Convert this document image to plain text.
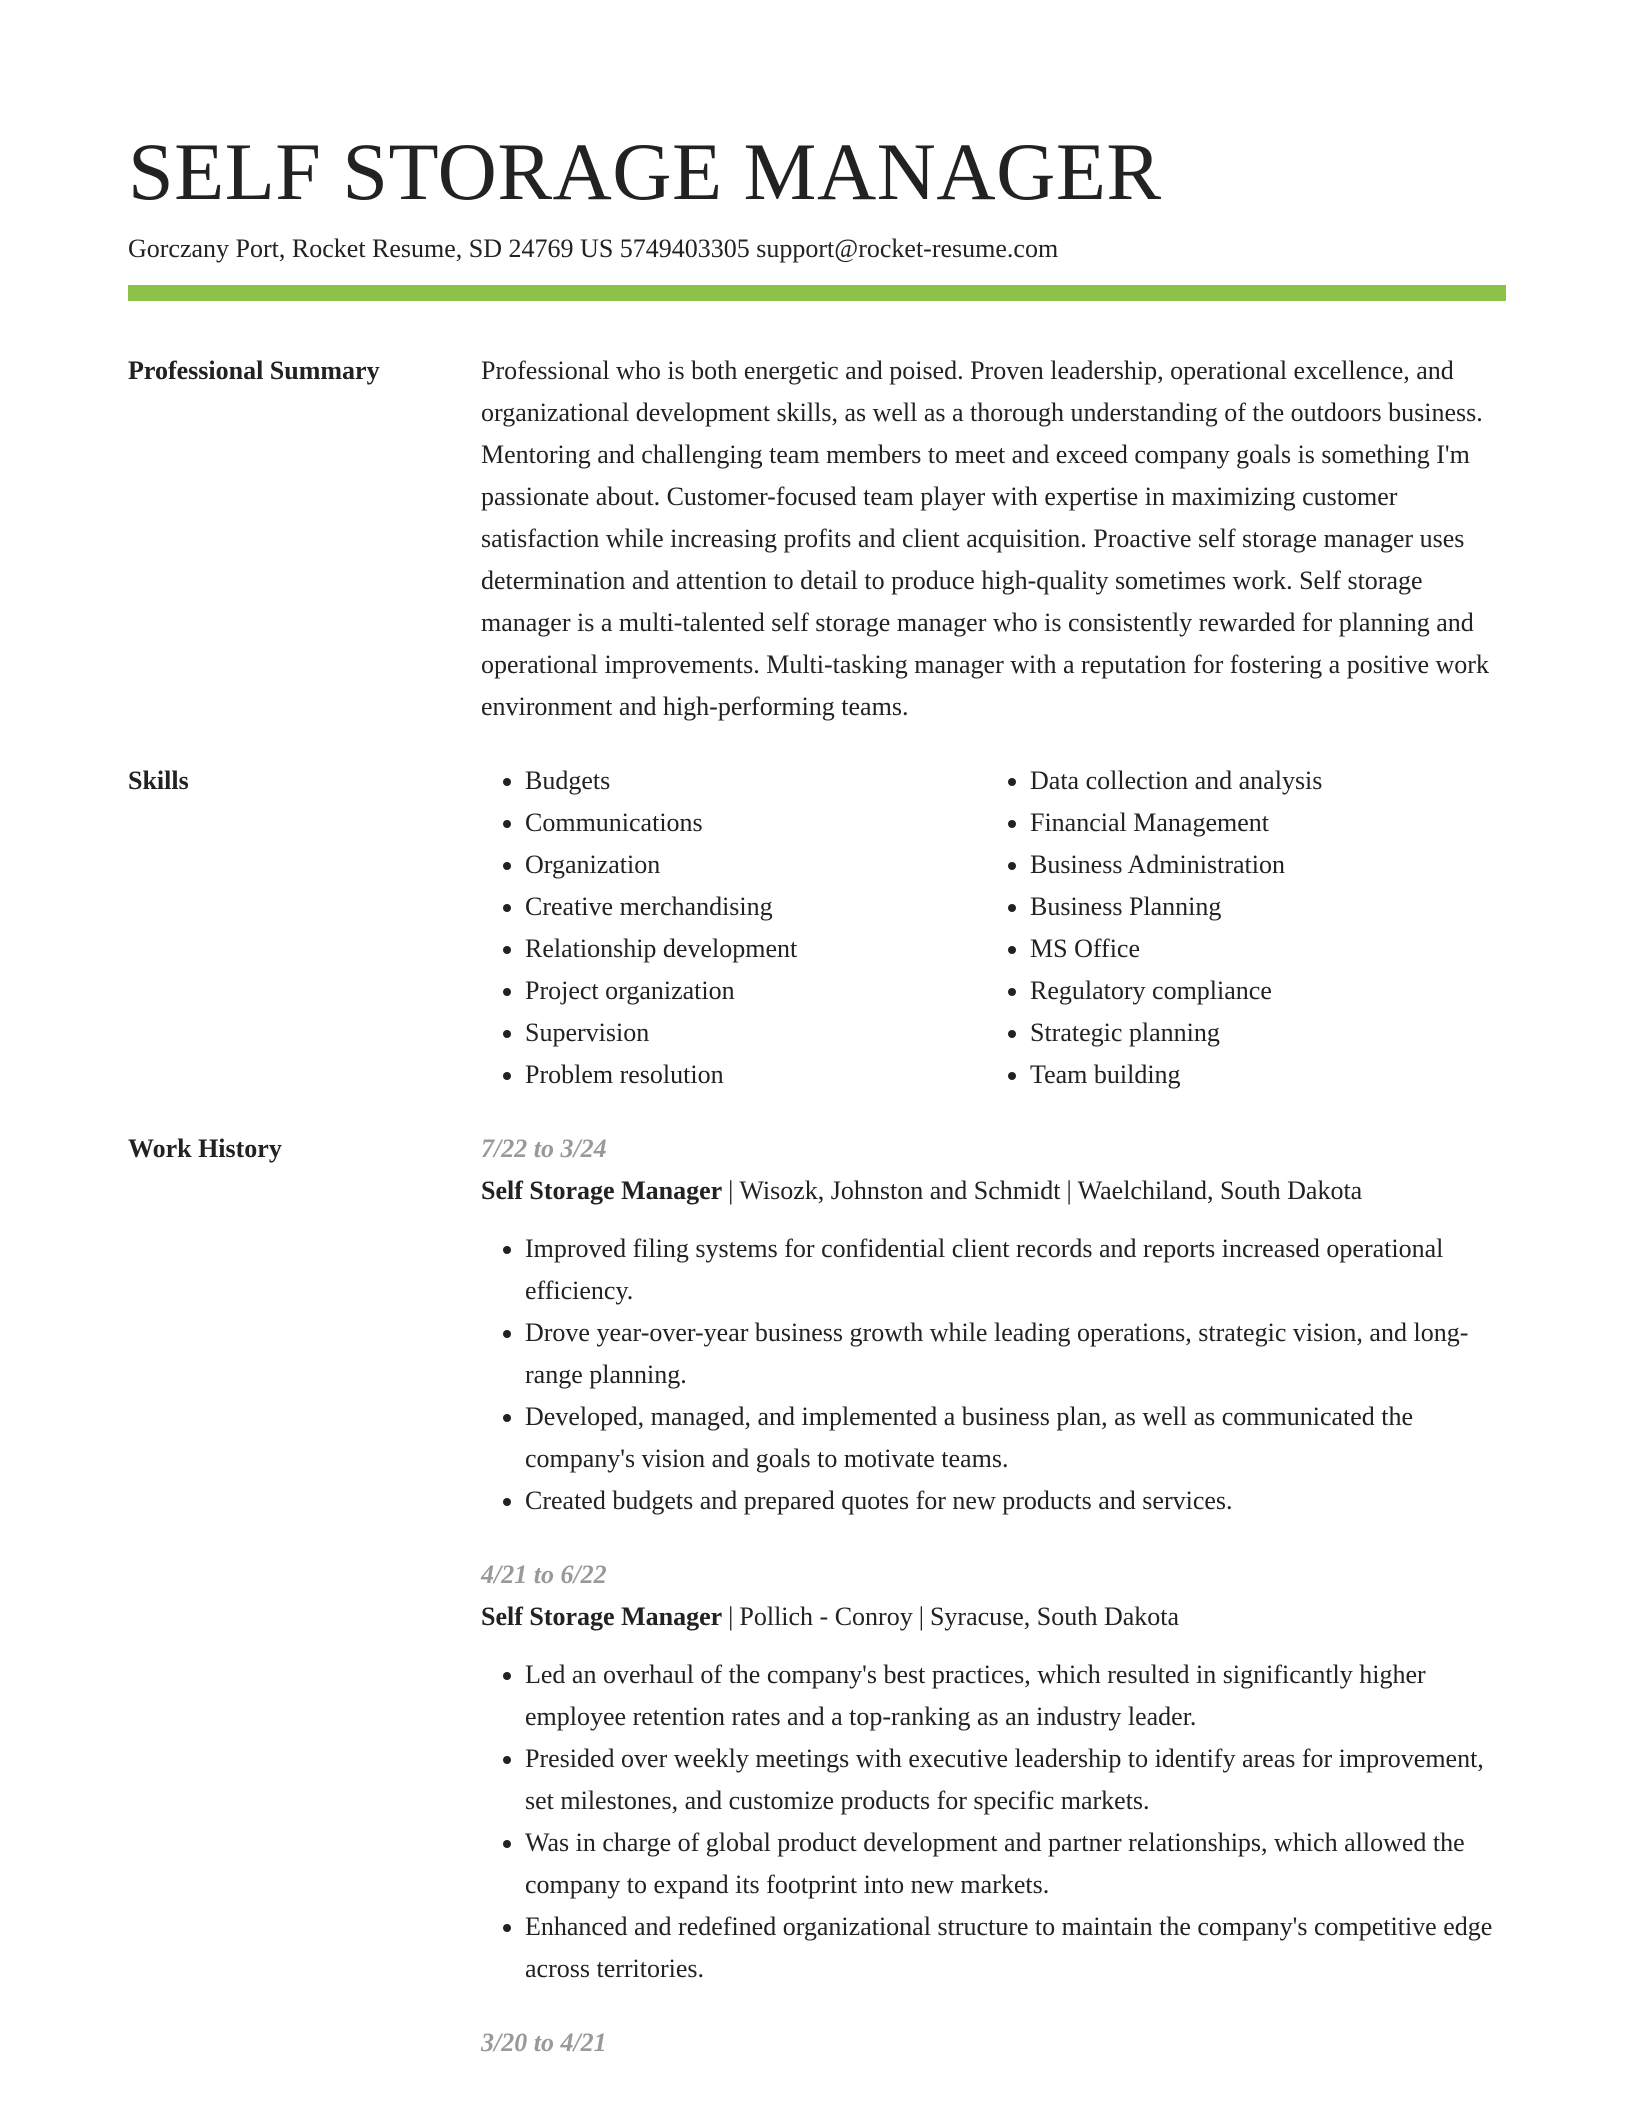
SELF STORAGE MANAGER
Gorczany Port, Rocket Resume, SD 24769 US 5749403305 support@rocket-resume.com
Professional Summary	Professional who is both energetic and poised. Proven leadership, operational excellence, and organizational development skills, as well as a thorough understanding of the outdoors business. Mentoring and challenging team members to meet and exceed company goals is something I'm passionate about. Customer-focused team player with expertise in maximizing customer satisfaction while increasing profits and client acquisition. Proactive self storage manager uses determination and attention to detail to produce high-quality sometimes work. Self storage manager is a multi-talented self storage manager who is consistently rewarded for planning and operational improvements. Multi-tasking manager with a reputation for fostering a positive work environment and high-performing teams.

Skills
•	Budgets
• Communications
• Organization
• Creative merchandising
• Relationship development
• Project organization
• Supervision
• Problem resolution
• Data collection and analysis
• Financial Management
• Business Administration
• Business Planning
• MS Office
• Regulatory compliance
• Strategic planning
• Team building
Work History	7/22 to 3/24
Self Storage Manager | Wisozk, Johnston and Schmidt | Waelchiland, South Dakota
• Improved filing systems for confidential client records and reports increased operational efficiency.
• Drove year-over-year business growth while leading operations, strategic vision, and long-range planning.
• Developed, managed, and implemented a business plan, as well as communicated the company's vision and goals to motivate teams.
• Created budgets and prepared quotes for new products and services.
4/21 to 6/22
Self Storage Manager | Pollich - Conroy | Syracuse, South Dakota
• Led an overhaul of the company's best practices, which resulted in significantly higher employee retention rates and a top-ranking as an industry leader.
• Presided over weekly meetings with executive leadership to identify areas for improvement, set milestones, and customize products for specific markets.
• Was in charge of global product development and partner relationships, which allowed the company to expand its footprint into new markets.
• Enhanced and redefined organizational structure to maintain the company's competitive edge across territories.
3/20 to 4/21
